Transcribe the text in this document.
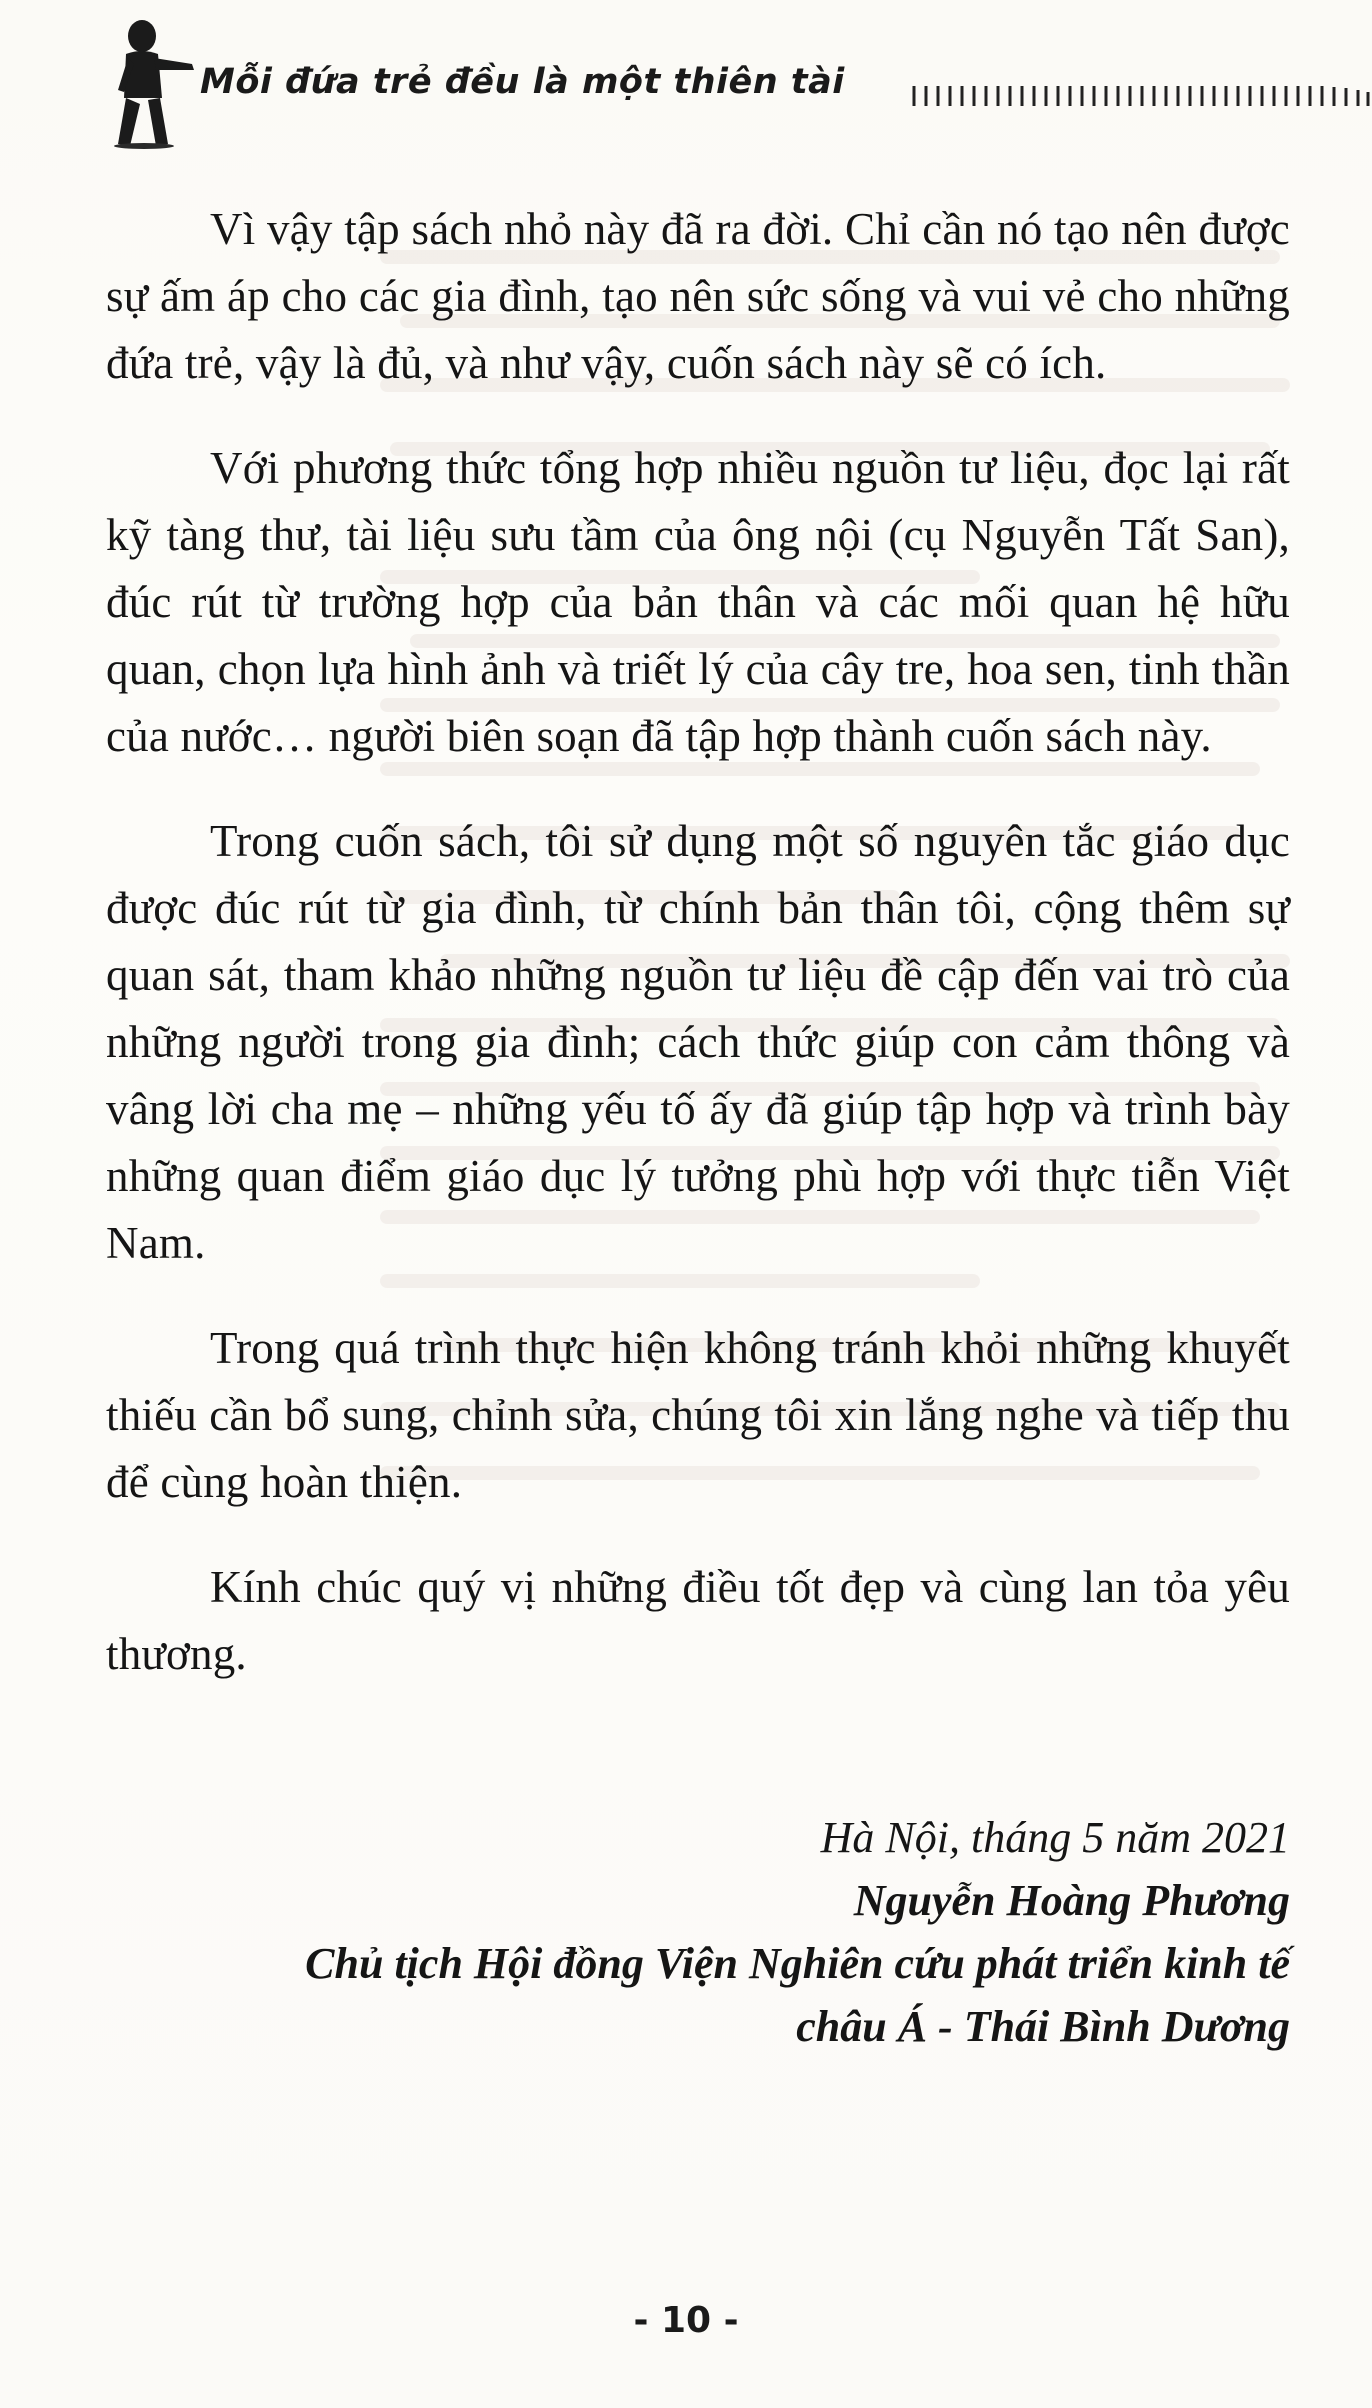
Mỗi đứa trẻ đều là một thiên tài

Vì vậy tập sách nhỏ này đã ra đời. Chỉ cần nó tạo nên được sự ấm áp cho các gia đình, tạo nên sức sống và vui vẻ cho những đứa trẻ, vậy là đủ, và như vậy, cuốn sách này sẽ có ích.

Với phương thức tổng hợp nhiều nguồn tư liệu, đọc lại rất kỹ tàng thư, tài liệu sưu tầm của ông nội (cụ Nguyễn Tất San), đúc rút từ trường hợp của bản thân và các mối quan hệ hữu quan, chọn lựa hình ảnh và triết lý của cây tre, hoa sen, tinh thần của nước… người biên soạn đã tập hợp thành cuốn sách này.

Trong cuốn sách, tôi sử dụng một số nguyên tắc giáo dục được đúc rút từ gia đình, từ chính bản thân tôi, cộng thêm sự quan sát, tham khảo những nguồn tư liệu đề cập đến vai trò của những người trong gia đình; cách thức giúp con cảm thông và vâng lời cha mẹ – những yếu tố ấy đã giúp tập hợp và trình bày những quan điểm giáo dục lý tưởng phù hợp với thực tiễn Việt Nam.

Trong quá trình thực hiện không tránh khỏi những khuyết thiếu cần bổ sung, chỉnh sửa, chúng tôi xin lắng nghe và tiếp thu để cùng hoàn thiện.

Kính chúc quý vị những điều tốt đẹp và cùng lan tỏa yêu thương.

Hà Nội, tháng 5 năm 2021

Nguyễn Hoàng Phương

Chủ tịch Hội đồng Viện Nghiên cứu phát triển kinh tế

châu Á - Thái Bình Dương

- 10 -
